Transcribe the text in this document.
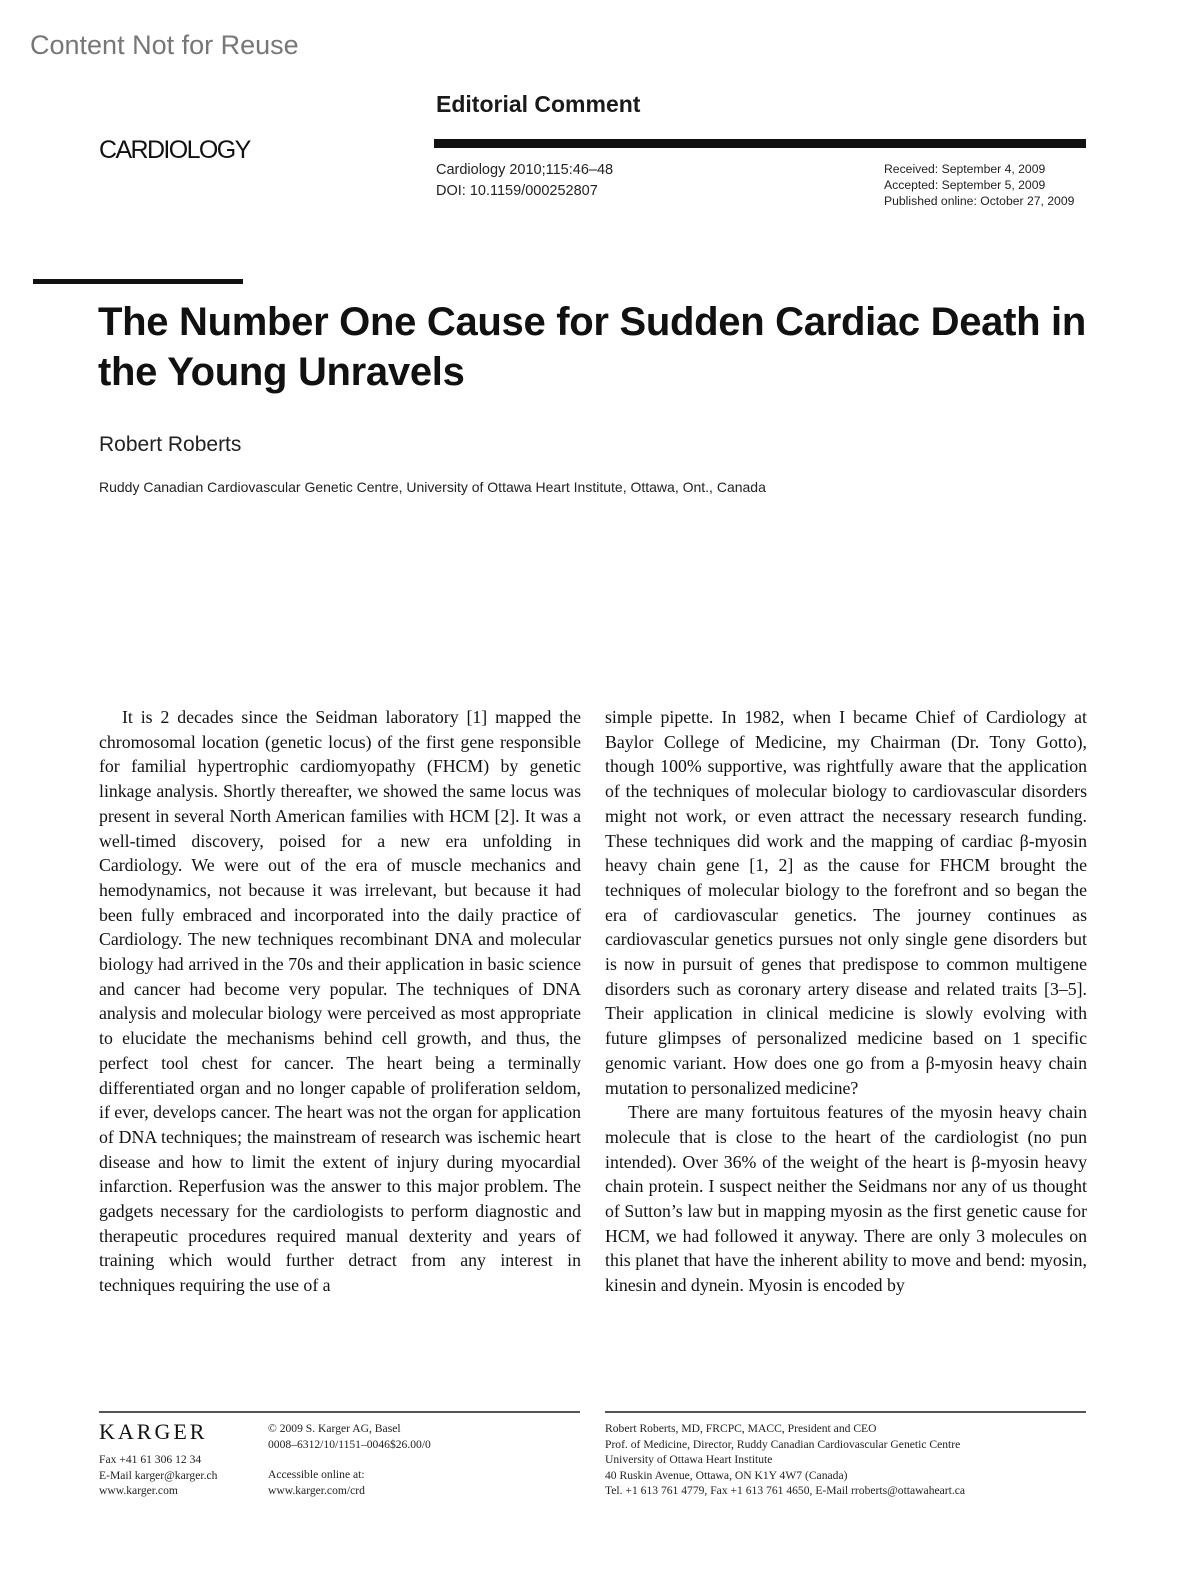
Content Not for Reuse
Editorial Comment
CARDIOLOGY
Cardiology 2010;115:46–48
DOI: 10.1159/000252807
Received: September 4, 2009
Accepted: September 5, 2009
Published online: October 27, 2009
The Number One Cause for Sudden Cardiac Death in the Young Unravels
Robert Roberts
Ruddy Canadian Cardiovascular Genetic Centre, University of Ottawa Heart Institute, Ottawa, Ont., Canada

It is 2 decades since the Seidman laboratory [1] mapped the chromosomal location (genetic locus) of the first gene responsible for familial hypertrophic cardiomyopathy (FHCM) by genetic linkage analysis. Shortly thereafter, we showed the same locus was present in several North American families with HCM [2]. It was a well-timed discovery, poised for a new era unfolding in Cardiology. We were out of the era of muscle mechanics and hemodynamics, not because it was irrelevant, but because it had been fully embraced and incorporated into the daily practice of Cardiology. The new techniques recombinant DNA and molecular biology had arrived in the 70s and their application in basic science and cancer had become very popular. The techniques of DNA analysis and molecular biology were perceived as most appropriate to elucidate the mechanisms behind cell growth, and thus, the perfect tool chest for cancer. The heart being a terminally differentiated organ and no longer capable of proliferation seldom, if ever, develops cancer. The heart was not the organ for application of DNA techniques; the mainstream of research was ischemic heart disease and how to limit the extent of injury during myocardial infarction. Reperfusion was the answer to this major problem. The gadgets necessary for the cardiologists to perform diagnostic and therapeutic procedures required manual dexterity and years of training which would further detract from any interest in techniques requiring the use of a

simple pipette. In 1982, when I became Chief of Cardiology at Baylor College of Medicine, my Chairman (Dr. Tony Gotto), though 100% supportive, was rightfully aware that the application of the techniques of molecular biology to cardiovascular disorders might not work, or even attract the necessary research funding. These techniques did work and the mapping of cardiac β-myosin heavy chain gene [1, 2] as the cause for FHCM brought the techniques of molecular biology to the forefront and so began the era of cardiovascular genetics. The journey continues as cardiovascular genetics pursues not only single gene disorders but is now in pursuit of genes that predispose to common multigene disorders such as coronary artery disease and related traits [3–5]. Their application in clinical medicine is slowly evolving with future glimpses of personalized medicine based on 1 specific genomic variant. How does one go from a β-myosin heavy chain mutation to personalized medicine?

There are many fortuitous features of the myosin heavy chain molecule that is close to the heart of the cardiologist (no pun intended). Over 36% of the weight of the heart is β-myosin heavy chain protein. I suspect neither the Seidmans nor any of us thought of Sutton’s law but in mapping myosin as the first genetic cause for HCM, we had followed it anyway. There are only 3 molecules on this planet that have the inherent ability to move and bend: myosin, kinesin and dynein. Myosin is encoded by

KARGER
Fax +41 61 306 12 34
E-Mail karger@karger.ch
www.karger.com
© 2009 S. Karger AG, Basel
0008–6312/10/1151–0046$26.00/0
Accessible online at:
www.karger.com/crd
Robert Roberts, MD, FRCPC, MACC, President and CEO
Prof. of Medicine, Director, Ruddy Canadian Cardiovascular Genetic Centre
University of Ottawa Heart Institute
40 Ruskin Avenue, Ottawa, ON K1Y 4W7 (Canada)
Tel. +1 613 761 4779, Fax +1 613 761 4650, E-Mail rroberts@ottawaheart.ca
